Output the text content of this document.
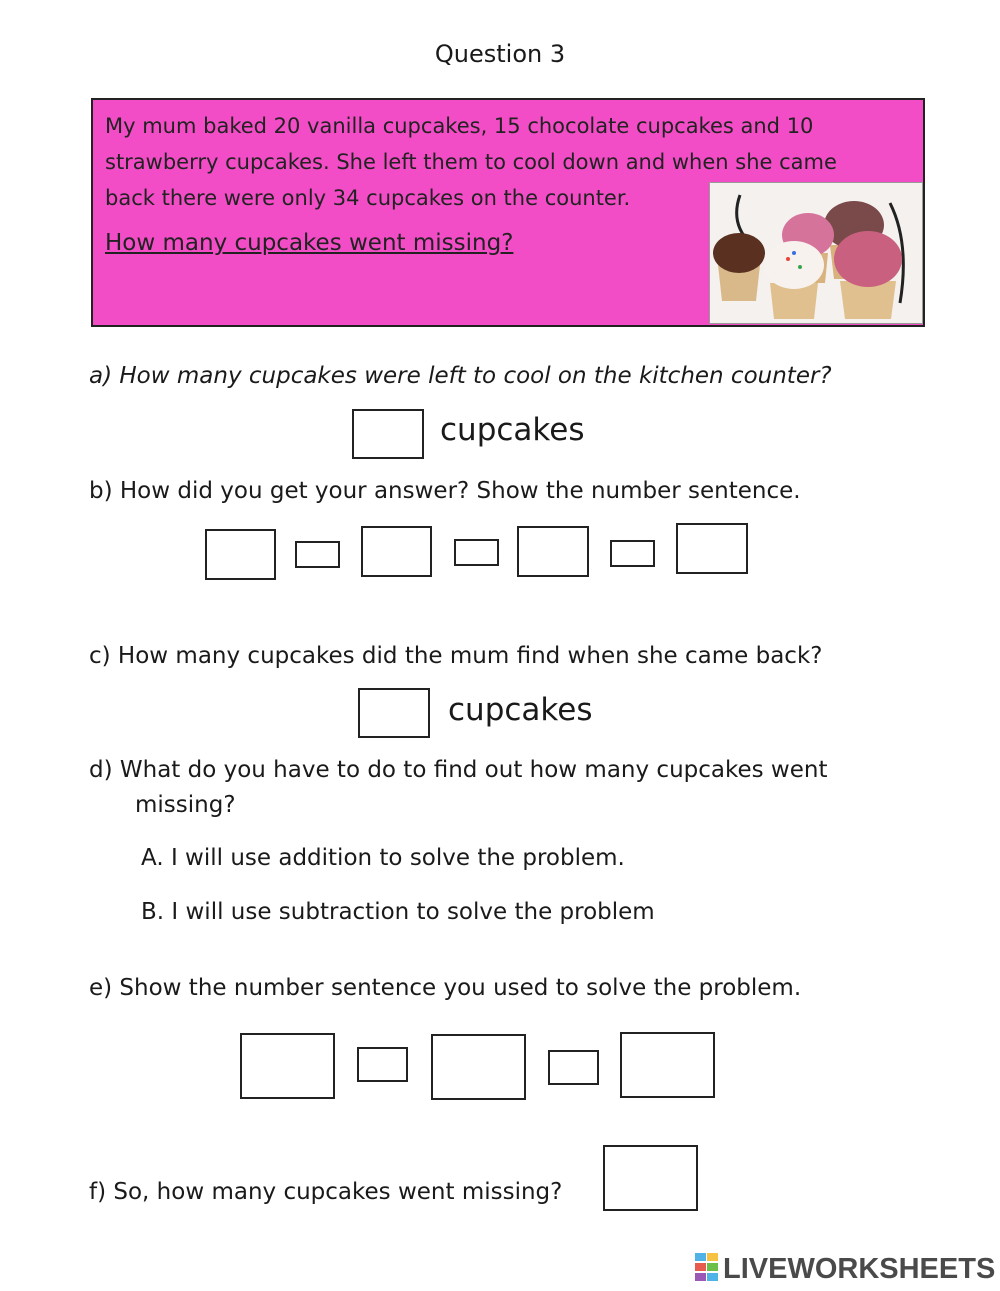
Question 3
My mum baked 20 vanilla cupcakes, 15 chocolate cupcakes and 10
strawberry cupcakes. She left them to cool down and when she came
back there were only 34 cupcakes on the counter.
How many cupcakes went missing?
a) How many cupcakes were left to cool on the kitchen counter?
cupcakes
b) How did you get your answer? Show the number sentence.
c) How many cupcakes did the mum find when she came back?
cupcakes
d) What do you have to do to find out how many cupcakes went
missing?
A. I will use addition to solve the problem.
B. I will use subtraction to solve the problem
e) Show the number sentence you used to solve the problem.
f) So, how many cupcakes went missing?
LIVEWORKSHEETS
